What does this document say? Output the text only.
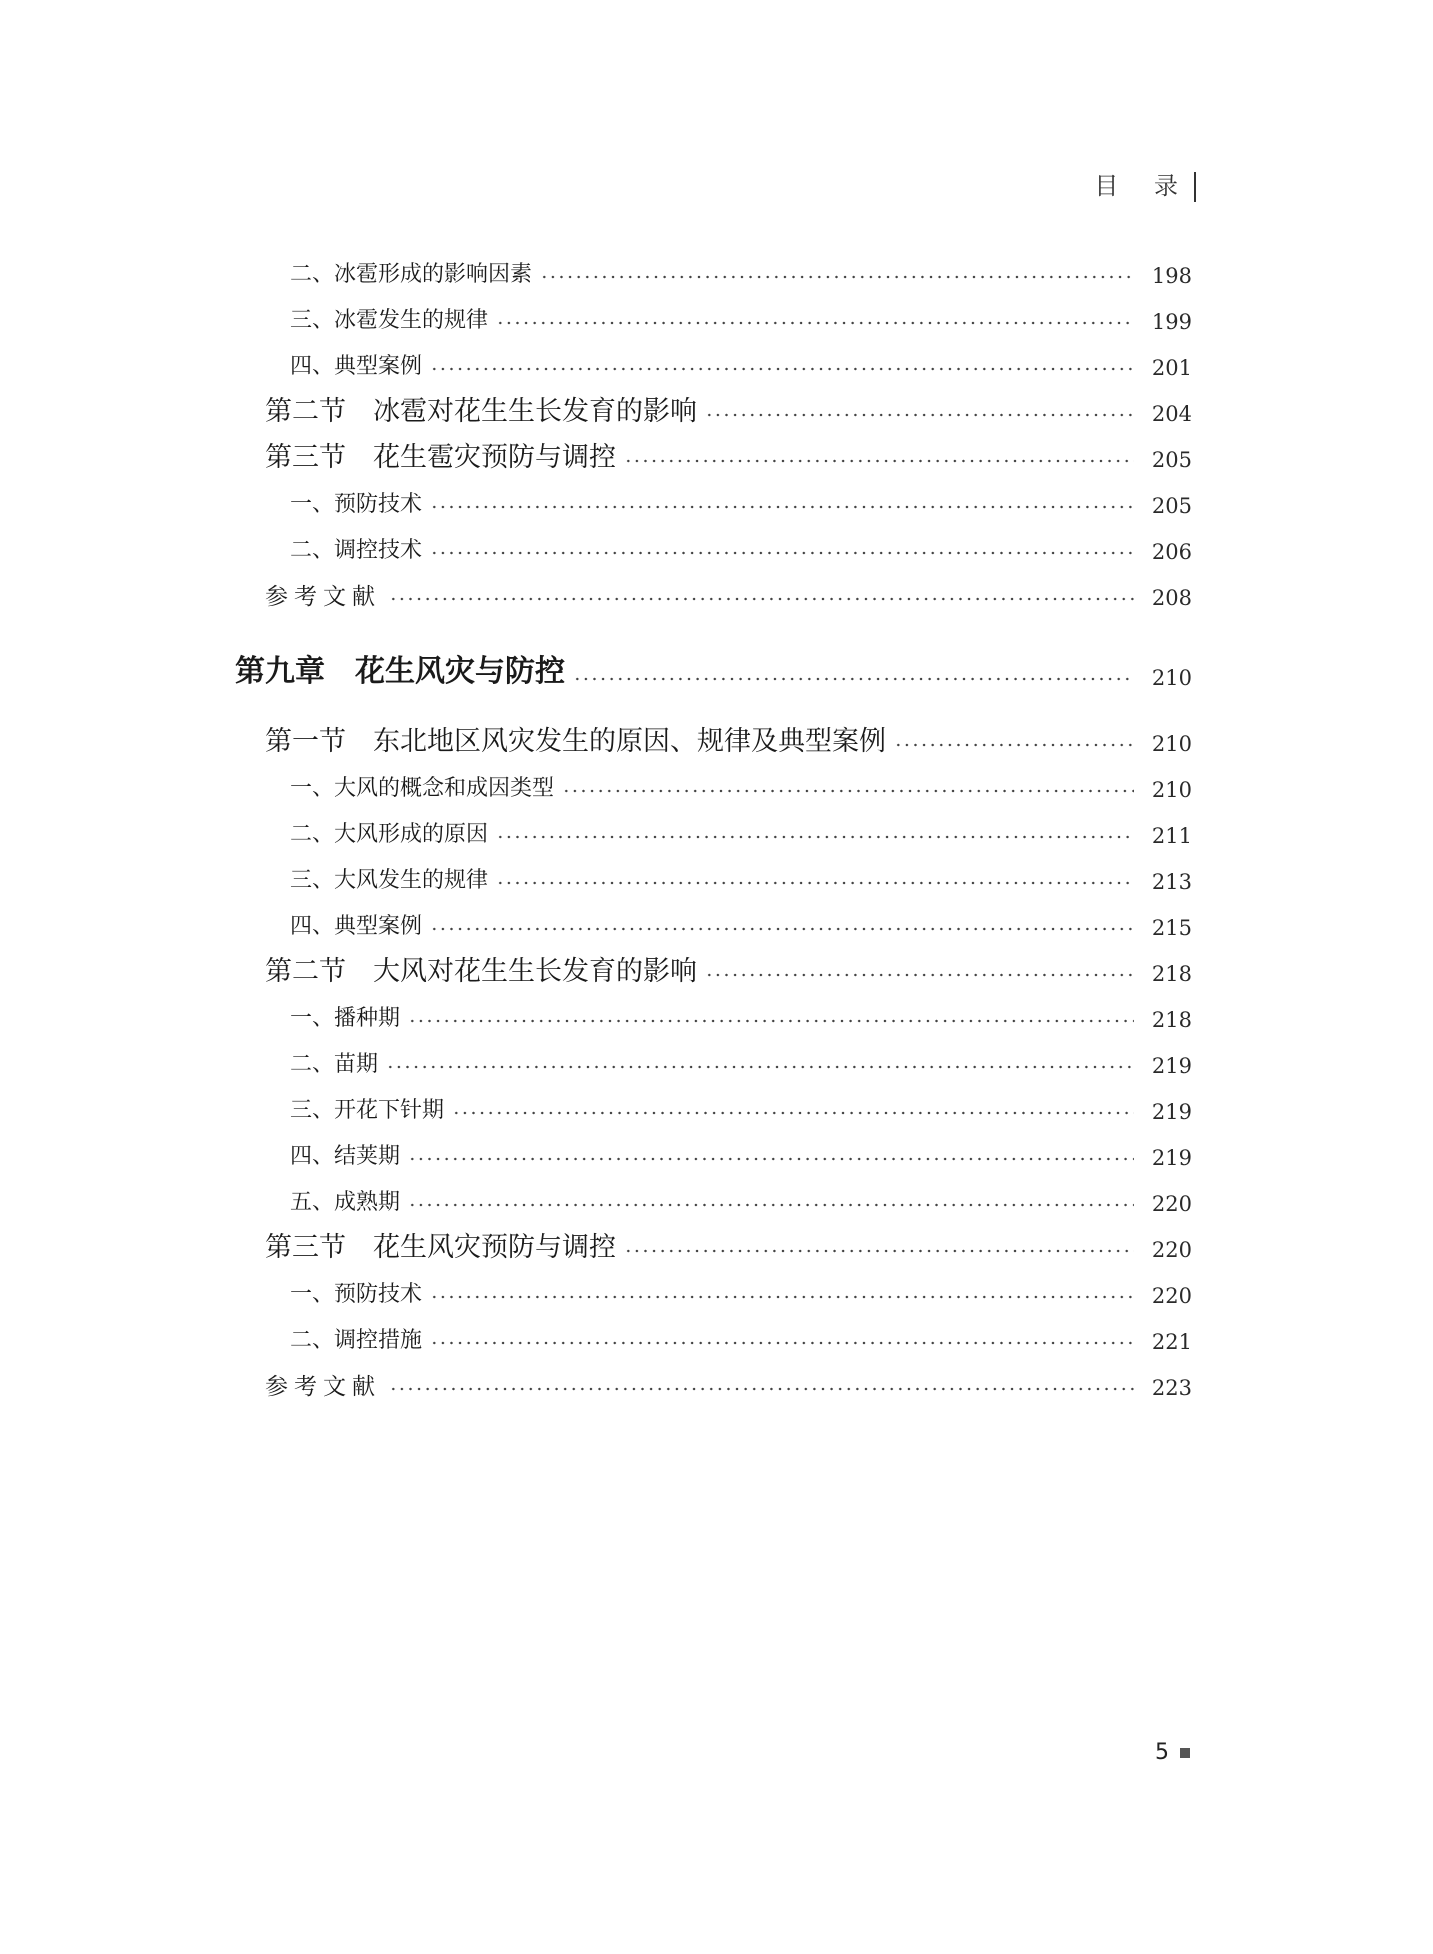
目 录
二、冰雹形成的影响因素	198
三、冰雹发生的规律	199
四、典型案例	201
第二节　冰雹对花生生长发育的影响	204
第三节　花生雹灾预防与调控	205
一、预防技术	205
二、调控技术	206
参考文献	208
第九章　花生风灾与防控	210
第一节　东北地区风灾发生的原因、规律及典型案例	210
一、大风的概念和成因类型	210
二、大风形成的原因	211
三、大风发生的规律	213
四、典型案例	215
第二节　大风对花生生长发育的影响	218
一、播种期	218
二、苗期	219
三、开花下针期	219
四、结荚期	219
五、成熟期	220
第三节　花生风灾预防与调控	220
一、预防技术	220
二、调控措施	221
参考文献	223
5
